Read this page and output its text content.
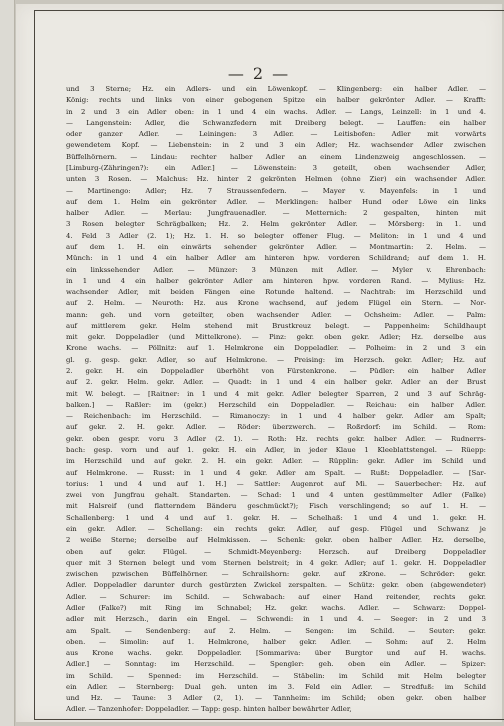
— 2 —
und 3 Sterne; Hz. ein Adlers- und ein Löwenkopf. — Klingenberg: ein halber Adler. —
König: rechts und links von einer gebogenen Spitze ein halber gekrönter Adler. — Krafft:
in 2 und 3 ein Adler oben: in 1 und 4 ein wachs. Adler. — Langs, Leinzell: in 1 und 4.
— Langenstein: Adler, die Schwanzfedern mit Dreiberg belegt. — Lauffen: ein halber
oder ganzer Adler. — Leiningen: 3 Adler. — Leitisbofen: Adler mit vorwärts
gewendetem Kopf. — Liebenstein: in 2 und 3 ein Adler; Hz. wachsender Adler zwischen
Büffelhörnern. — Lindau: rechter halber Adler an einem Lindenzweig angeschlossen. —
[Limburg-(Zähringen?): ein Adler.] — Löwenstein: 3 geteilt, oben wachsender Adler,
unten 3 Rosen. — Malchus: Hz. hinter 2 gekrönten Helmen (ohne Zier) ein wachsender Adler.
— Martinengo: Adler; Hz. 7 Straussenfedern. — Mayer v. Mayenfels: in 1 und
auf dem 1. Helm ein gekrönter Adler. — Merklingen: halber Hund oder Löwe ein links
halber Adler. — Merlau: Jungfrauenadler. — Metternich: 2 gespalten, hinten mit
3 Rosen belegter Schrägbalken; Hz. 2. Helm gekrönter Adler. — Mörsberg: in 1. und
4. Feld 3 Adler (2. 1); Hz. 1. H. so belegter offener Flug. — Meliton: in 1 und 4 und
auf dem 1. H. ein einwärts sehender gekrönter Adler. — Montmartin: 2. Helm. —
Münch: in 1 und 4 ein halber Adler am hinteren hpw. vorderen Schildrand; auf dem 1. H.
ein linkssehender Adler. — Münzer: 3 Münzen mit Adler. — Myler v. Ehrenbach:
in 1 und 4 ein halber gekrönter Adler am hinteren hpw. vorderen Rand. — Mylius: Hz.
wachsender Adler, mit beiden Fängen eine Rotunde haltend. — Nachtrab: im Herzschild und
auf 2. Helm. — Neuroth: Hz. aus Krone wachsend, auf jedem Flügel ein Stern. — Nor-
mann: geh. und vorn geteilter, oben wachsender Adler. — Ochsheim: Adler. — Palm:
auf mittlerem gekr. Helm stehend mit Brustkreuz belegt. — Pappenheim: Schildhaupt
mit gekr. Doppeladler (und Mittelkrone). — Pinz: gekr. oben gekr. Adler; Hz. derselbe aus
Krone wachs. — Pöllnitz: auf 1. Helmkrone ein Doppeladler. — Polheim: in 2 und 3 ein
gl. g. gesp. gekr. Adler, so auf Helmkrone. — Preising: im Herzsch. gekr. Adler; Hz. auf
2. gekr. H. ein Doppeladler überhöht von Fürstenkrone. — Püdler: ein halber Adler
auf 2. gekr. Helm. gekr. Adler. — Quadt: in 1 und 4 ein halber gekr. Adler an der Brust
mit W. belegt. — [Raitner: in 1 und 4 mit gekr. Adler belegter Sparren, 2 und 3 auf Schräg-
balken.] — Raßler: im (gekr.) Herzschild ein Doppeladler. — Reichau: ein halber Adler.
— Reichenbach: im Herzschild. — Rimanoczy: in 1 und 4 halber gekr. Adler am Spalt;
auf gekr. 2. H. gekr. Adler. — Röder: überzwerch. — Roßrdorf: im Schild. — Rom:
gekr. oben gespr. voru 3 Adler (2. 1). — Roth: Hz. rechts gekr. halber Adler. — Rudnerrs-
bach: gesp. vorn und auf 1. gekr. H. ein Adler, in jeder Klaue 1 Kleeblattstengel. — Rüepp:
im Herzschild und auf gekr. 2. H. ein gekr. Adler. — Rüpplin: gekr. Adler im Schild und
auf Helmkrone. — Russt: in 1 und 4 gekr. Adler am Spalt. — Rußt: Doppeladler. — [Sar-
torius: 1 und 4 und auf 1. H.] — Sattler: Augenrot auf Mi. — Sauerbecher: Hz. auf
zwei von Jungfrau gehalt. Standarten. — Schad: 1 und 4 unten gestümmelter Adler (Falke)
mit Halsreif (und flatterndem Bänderu geschmückt?); Fisch verschlingend; so auf 1. H. —
Schallenberg: 1 und 4 und auf 1. gekr. H. — Schelhaß: 1 und 4 und 1. gekr. H.
ein gekr. Adler. — Schellang: ein rechts gekr. Adler, auf gesp. Flügel und Schwanz je
2 weiße Sterne; derselbe auf Helmkissen. — Schenk: gekr. oben halber Adler. Hz. derselbe,
oben auf gekr. Flügel. — Schmidt-Meyenberg: Herzsch. auf Dreiberg Doppeladler
quer mit 3 Sternen belegt und vom Sternen belstreit; in 4 gekr. Adler; auf 1. gekr. H. Doppeladler
zwischen pzwischen Büffelhörner. — Schrailshorn: gekr. auf zKrone. — Schröder: gekr.
Adler. Doppeladler darunter durch gestürzten Zwickel zerspalten. — Schütz: gekr. oben (abgewendeter)
Adler. — Schurer: im Schild. — Schwabach: auf einer Hand reitender, rechts gekr.
Adler (Falke?) mit Ring im Schnabel; Hz. gekr. wachs. Adler. — Schwarz: Doppel-
adler mit Herzsch., darin ein Engel. — Schwendi: in 1 und 4. — Seeger: in 2 und 3
am Spalt. — Sendenberg: auf 2. Helm. — Sengen: im Schild. — Seuter: gekr.
oben. — Simolin: auf 1. Helmkrone, halber gekr. Adler. — Sohm: auf 2. Helm
aus Krone wachs. gekr. Doppeladler. [Sommariva: über Burgtor und auf H. wachs.
Adler.] — Sonntag: im Herzschild. — Spengler: geh. oben ein Adler. — Spizer:
im Schild. — Spenned: im Herzschild. — Stäbelin: im Schild mit Helm belegter
ein Adler. — Sternberg: Dual geh. unten im 3. Feld ein Adler. — Stredfuß: im Schild
und Hz. — Taune: 3 Adler (2, 1). — Tannheim: im Schild; oben gekr. oben halber
Adler. — Tanzenhofer: Doppeladler. — Tapp: gesp. hinten halber bewährter Adler,
